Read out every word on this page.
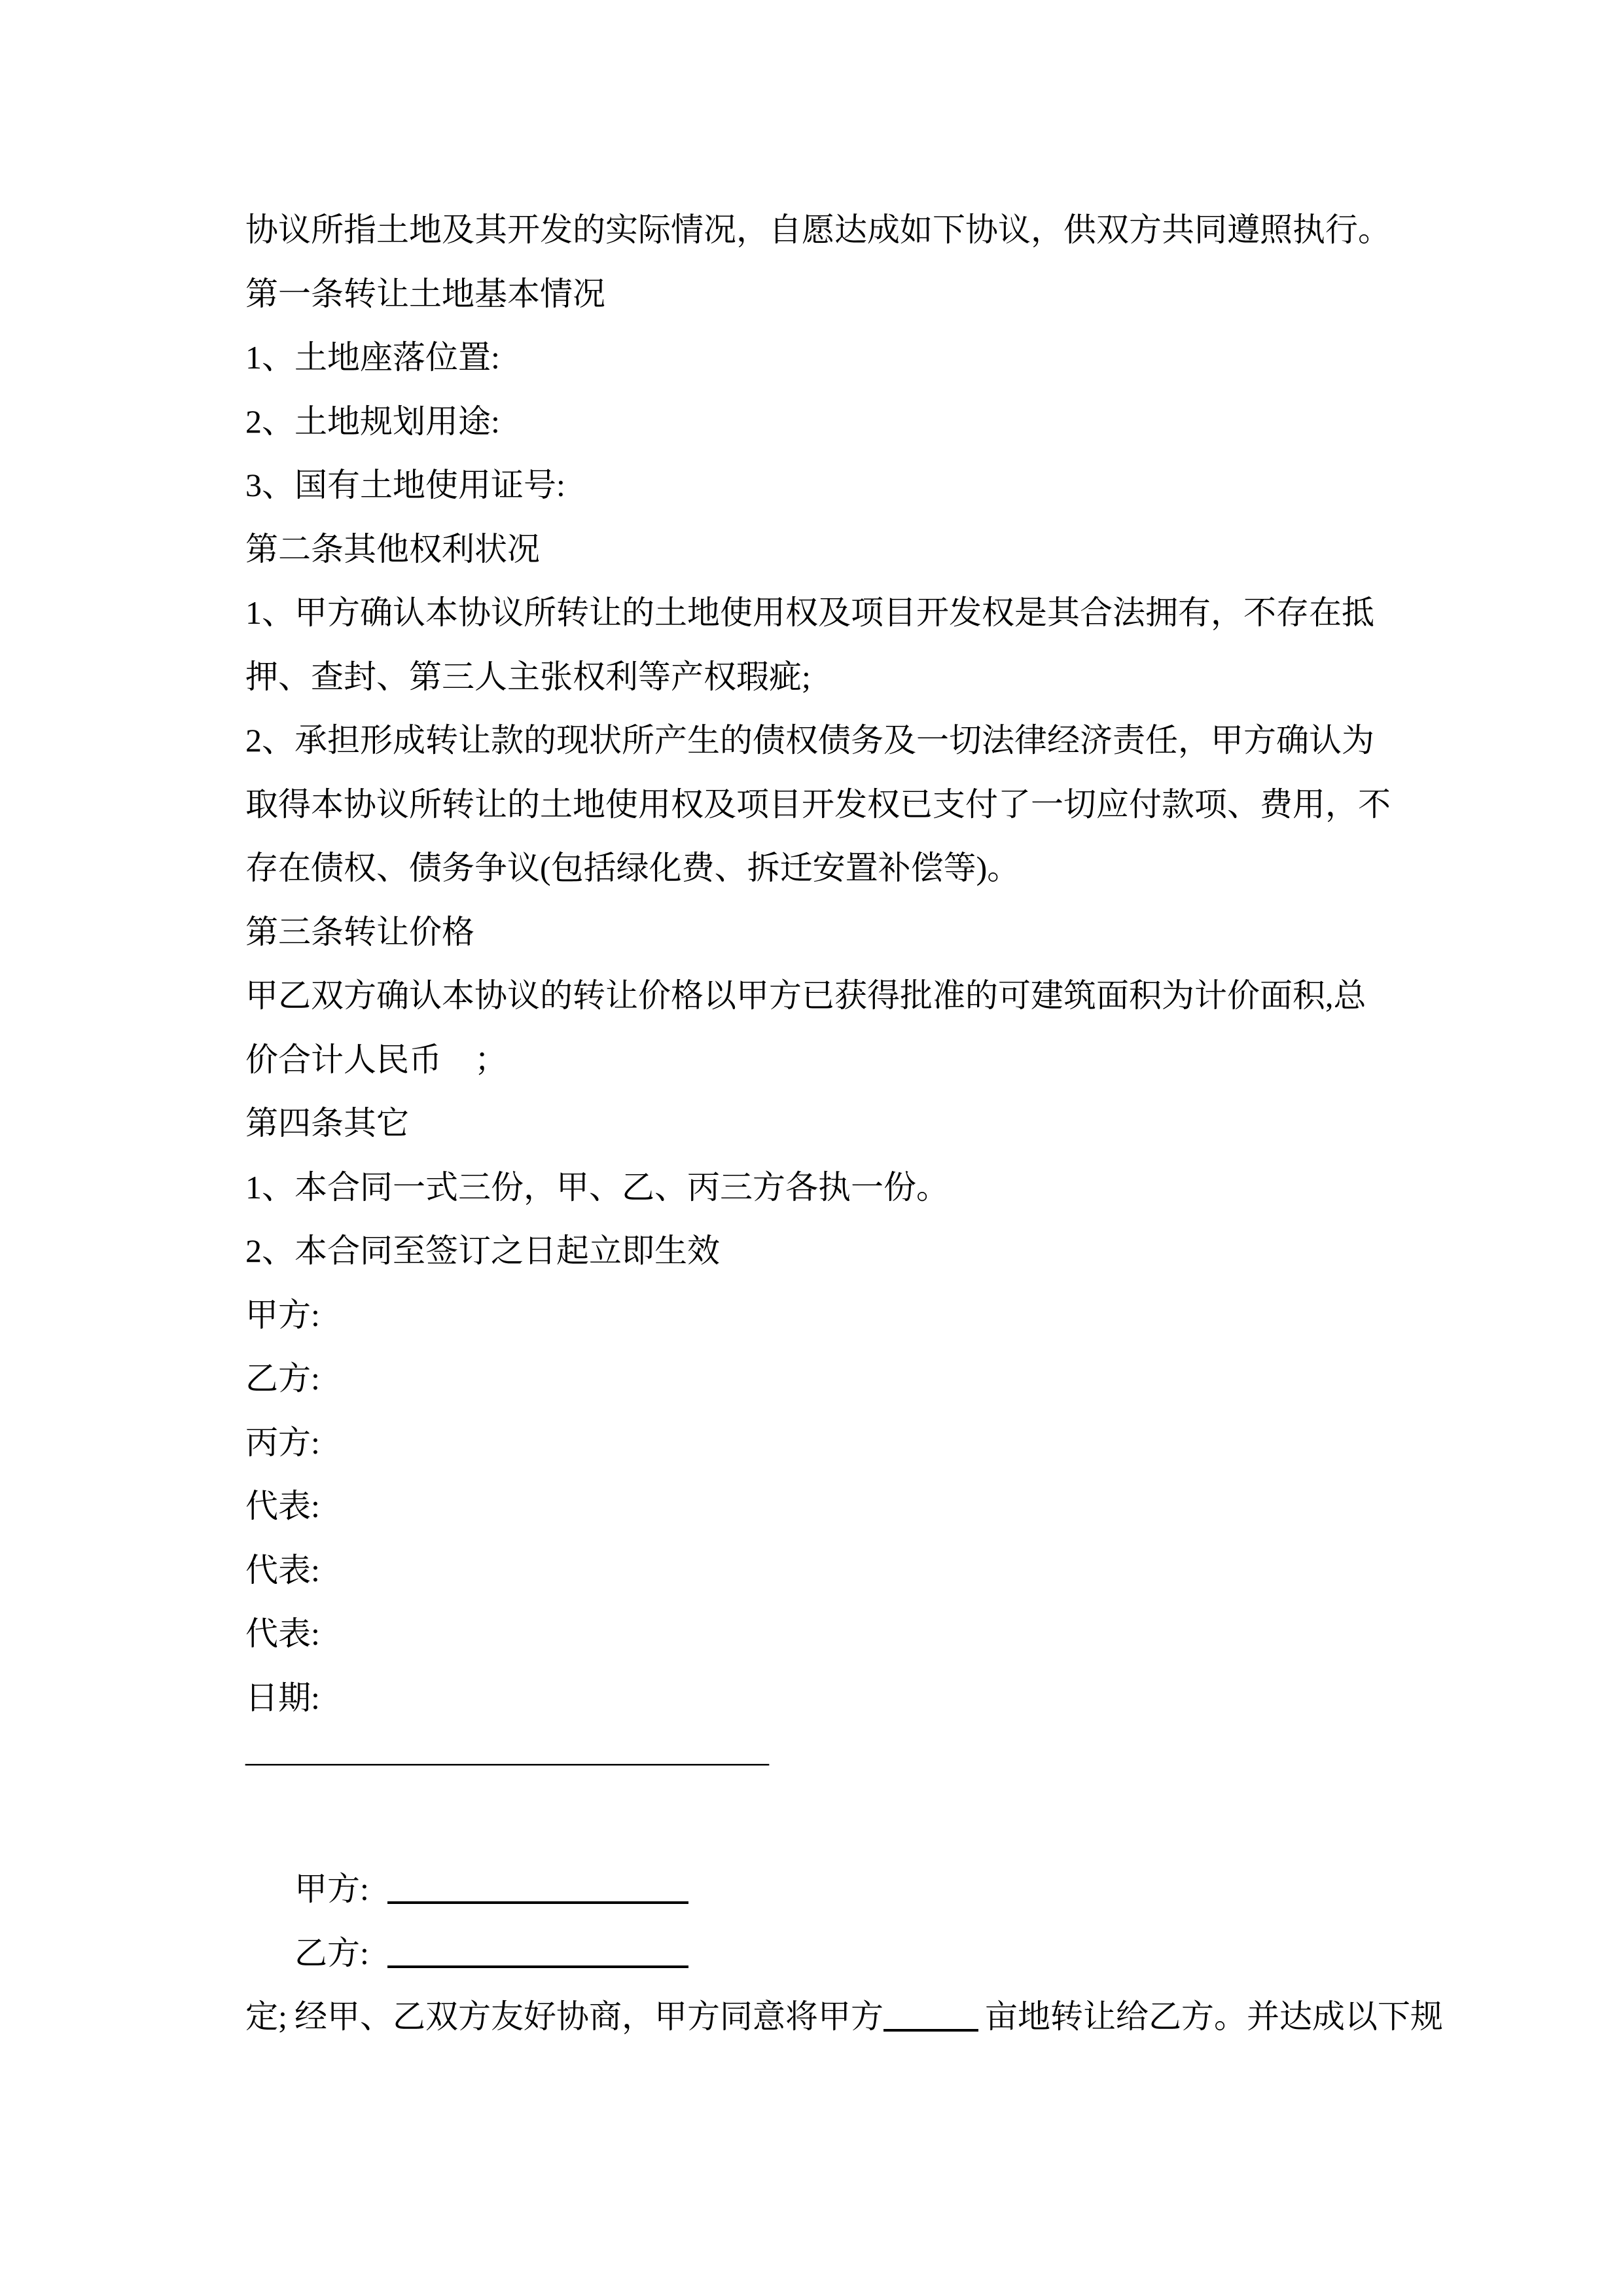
协议所指土地及其开发的实际情况，自愿达成如下协议，供双方共同遵照执行。
第一条转让土地基本情况
1、土地座落位置:
2、土地规划用途:
3、国有土地使用证号:
第二条其他权利状况
1、甲方确认本协议所转让的土地使用权及项目开发权是其合法拥有，不存在抵
押、查封、第三人主张权利等产权瑕疵;
2、承担形成转让款的现状所产生的债权债务及一切法律经济责任，甲方确认为
取得本协议所转让的土地使用权及项目开发权已支付了一切应付款项、费用，不
存在债权、债务争议(包括绿化费、拆迁安置补偿等)。
第三条转让价格
甲乙双方确认本协议的转让价格以甲方已获得批准的可建筑面积为计价面积,总
价合计人民币　；
第四条其它
1、本合同一式三份，甲、乙、丙三方各执一份。
2、本合同至签订之日起立即生效
甲方:
乙方:
丙方:
代表:
代表:
代表:
日期:
————————————————

甲方:

乙方:

经甲、乙双方友好协商，甲方同意将甲方	亩地转让给乙方。并达成以下规

定;
